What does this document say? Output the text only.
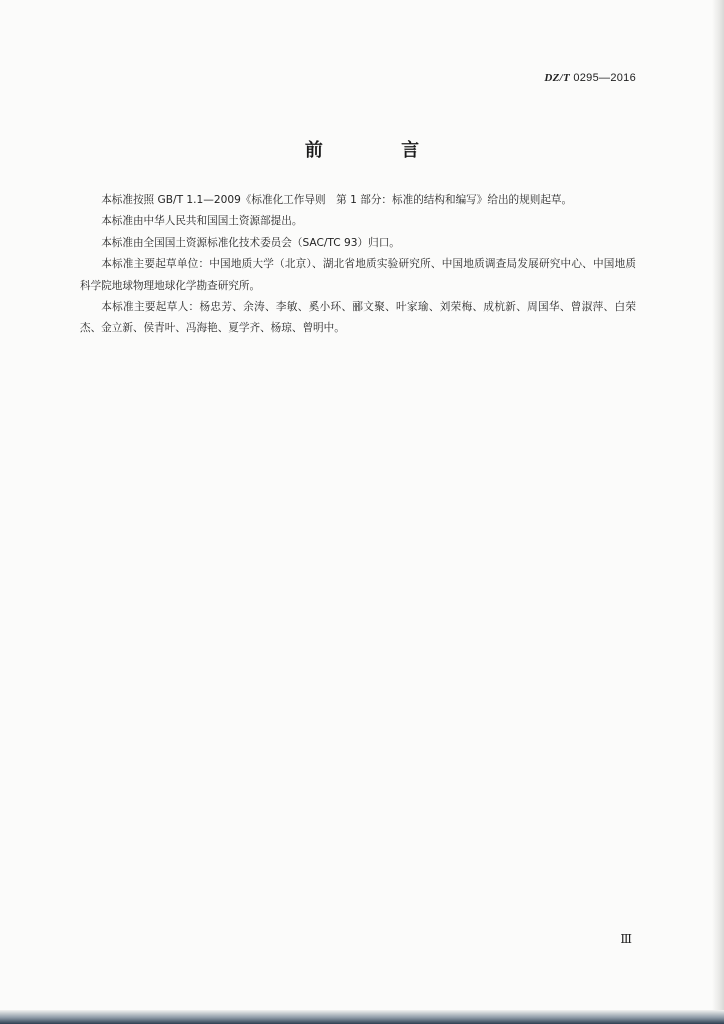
DZ/T 0295—2016
前 言

本标准按照 GB/T 1.1—2009《标准化工作导则　第 1 部分：标准的结构和编写》给出的规则起草。

本标准由中华人民共和国国土资源部提出。

本标准由全国国土资源标准化技术委员会（SAC/TC 93）归口。

本标准主要起草单位：中国地质大学（北京）、湖北省地质实验研究所、中国地质调查局发展研究中心、中国地质科学院地球物理地球化学勘查研究所。

本标准主要起草人：杨忠芳、余涛、李敏、奚小环、郦文聚、叶家瑜、刘荣梅、成杭新、周国华、曾淑萍、白荣杰、金立新、侯青叶、冯海艳、夏学齐、杨琼、曾明中。

Ⅲ
